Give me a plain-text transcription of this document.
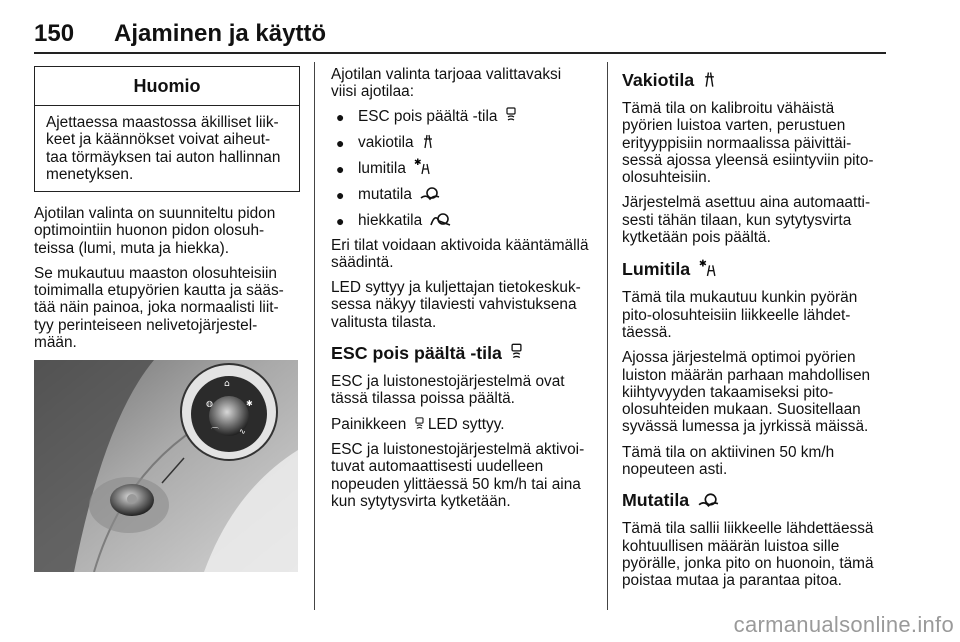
150 Ajaminen ja käyttö
Huomio
Ajettaessa maastossa äkilliset liik-
keet ja käännökset voivat aiheut-
taa törmäyksen tai auton hallinnan
menetyksen.

Ajotilan valinta on suunniteltu pidon
optimointiin huonon pidon olosuh-
teissa (lumi, muta ja hiekka).

Se mukautuu maaston olosuhteisiin
toimimalla etupyörien kautta ja sääs-
tää näin painoa, joka normaalisti liit-
tyy perinteiseen nelivetojärjestel-
mään.

⌂
◍	✱
⌒	∿

Ajotilan valinta tarjoaa valittavaksi
viisi ajotilaa:

● ESC pois päältä -tila
● vakiotila
● lumitila ✱
● mutatila
● hiekkatila

Eri tilat voidaan aktivoida kääntämällä
säädintä.

LED syttyy ja kuljettajan tietokeskuk-
sessa näkyy tilaviesti vahvistuksena
valitusta tilasta.

ESC pois päältä -tila

ESC ja luistonestojärjestelmä ovat
tässä tilassa poissa päältä.

Painikkeen LED syttyy.

ESC ja luistonestojärjestelmä aktivoi-
tuvat automaattisesti uudelleen
nopeuden ylittäessä 50 km/h tai aina
kun sytytysvirta kytketään.

Vakiotila

Tämä tila on kalibroitu vähäistä
pyörien luistoa varten, perustuen
erityyppisiin normaalissa päivittäi-
sessä ajossa yleensä esiintyviin pito-
olosuhteisiin.

Järjestelmä asettuu aina automaatti-
sesti tähän tilaan, kun sytytysvirta
kytketään pois päältä.

Lumitila ✱

Tämä tila mukautuu kunkin pyörän
pito-olosuhteisiin liikkeelle lähdet-
täessä.

Ajossa järjestelmä optimoi pyörien
luiston määrän parhaan mahdollisen
kiihtyvyyden takaamiseksi pito-
olosuhteiden mukaan. Suositellaan
syvässä lumessa ja jyrkissä mäissä.

Tämä tila on aktiivinen 50 km/h
nopeuteen asti.

Mutatila

Tämä tila sallii liikkeelle lähdettäessä
kohtuullisen määrän luistoa sille
pyörälle, jonka pito on huonoin, tämä
poistaa mutaa ja parantaa pitoa.

carmanualsonline.info
